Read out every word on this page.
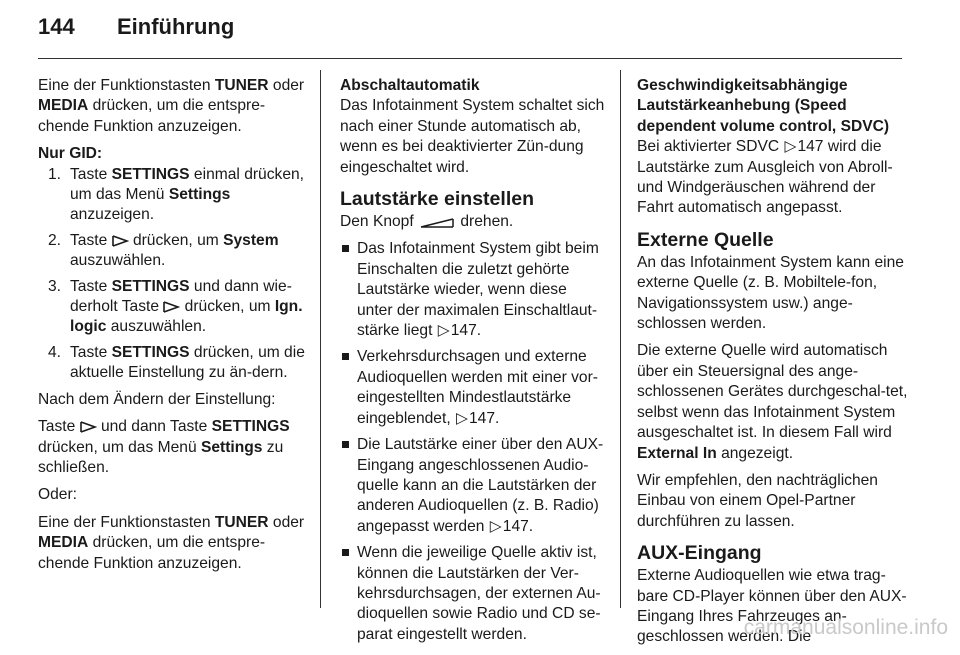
144 Einführung

Eine der Funktionstasten TUNER oder MEDIA drücken, um die entspre-chende Funktion anzuzeigen.

Nur GID:

1. Taste SETTINGS einmal drücken, um das Menü Settings anzuzeigen.
2. Taste  drücken, um System auszuwählen.
3. Taste SETTINGS und dann wie-derholt Taste  drücken, um Ign. logic auszuwählen.
4. Taste SETTINGS drücken, um die aktuelle Einstellung zu än-dern.

Nach dem Ändern der Einstellung:

Taste  und dann Taste SETTINGS drücken, um das Menü Settings zu schließen.

Oder:

Eine der Funktionstasten TUNER oder MEDIA drücken, um die entspre-chende Funktion anzuzeigen.

Abschaltautomatik

Das Infotainment System schaltet sich nach einer Stunde automatisch ab, wenn es bei deaktivierter Zün-dung eingeschaltet wird.

Lautstärke einstellen

Den Knopf  drehen.

Das Infotainment System gibt beim Einschalten die zuletzt gehörte Lautstärke wieder, wenn diese unter der maximalen Einschaltlaut-stärke liegt ▷147.
Verkehrsdurchsagen und externe Audioquellen werden mit einer vor-eingestellten Mindestlautstärke eingeblendet, ▷147.
Die Lautstärke einer über den AUX-Eingang angeschlossenen Audio-quelle kann an die Lautstärken der anderen Audioquellen (z. B. Radio) angepasst werden ▷147.
Wenn die jeweilige Quelle aktiv ist, können die Lautstärken der Ver-kehrsdurchsagen, der externen Au-dioquellen sowie Radio und CD se-parat eingestellt werden.

Geschwindigkeitsabhängige Lautstärkeanhebung (Speed dependent volume control, SDVC)

Bei aktivierter SDVC ▷147 wird die Lautstärke zum Ausgleich von Abroll- und Windgeräuschen während der Fahrt automatisch angepasst.

Externe Quelle

An das Infotainment System kann eine externe Quelle (z. B. Mobiltele-fon, Navigationssystem usw.) ange-schlossen werden.

Die externe Quelle wird automatisch über ein Steuersignal des ange-schlossenen Gerätes durchgeschal-tet, selbst wenn das Infotainment System ausgeschaltet ist. In diesem Fall wird External In angezeigt.

Wir empfehlen, den nachträglichen Einbau von einem Opel-Partner durchführen zu lassen.

AUX-Eingang

Externe Audioquellen wie etwa trag-bare CD-Player können über den AUX-Eingang Ihres Fahrzeuges an-geschlossen werden. Die

carmanualsonline.info
